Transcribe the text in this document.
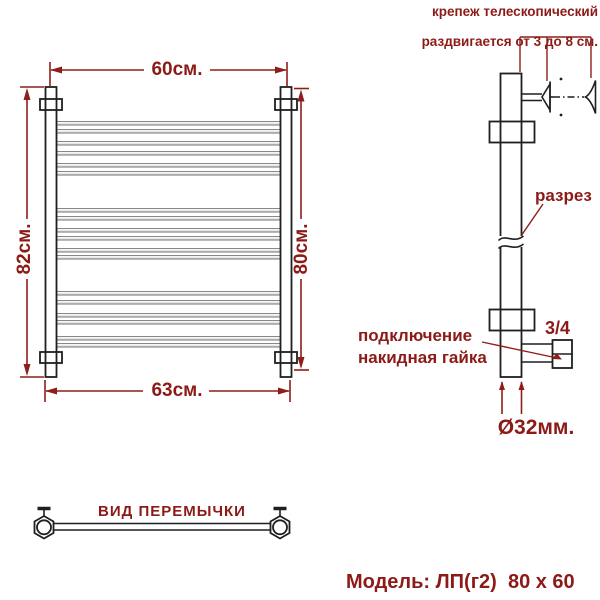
крепеж телескопический

раздвигается от 3 до 8 см.
60см.
82см.	80см.
63см.
разрез
подключение
накидная гайка
3/4
Ø32мм.
ВИД ПЕРЕМЫЧКИ
Модель: ЛП(г2)  80 х 60
